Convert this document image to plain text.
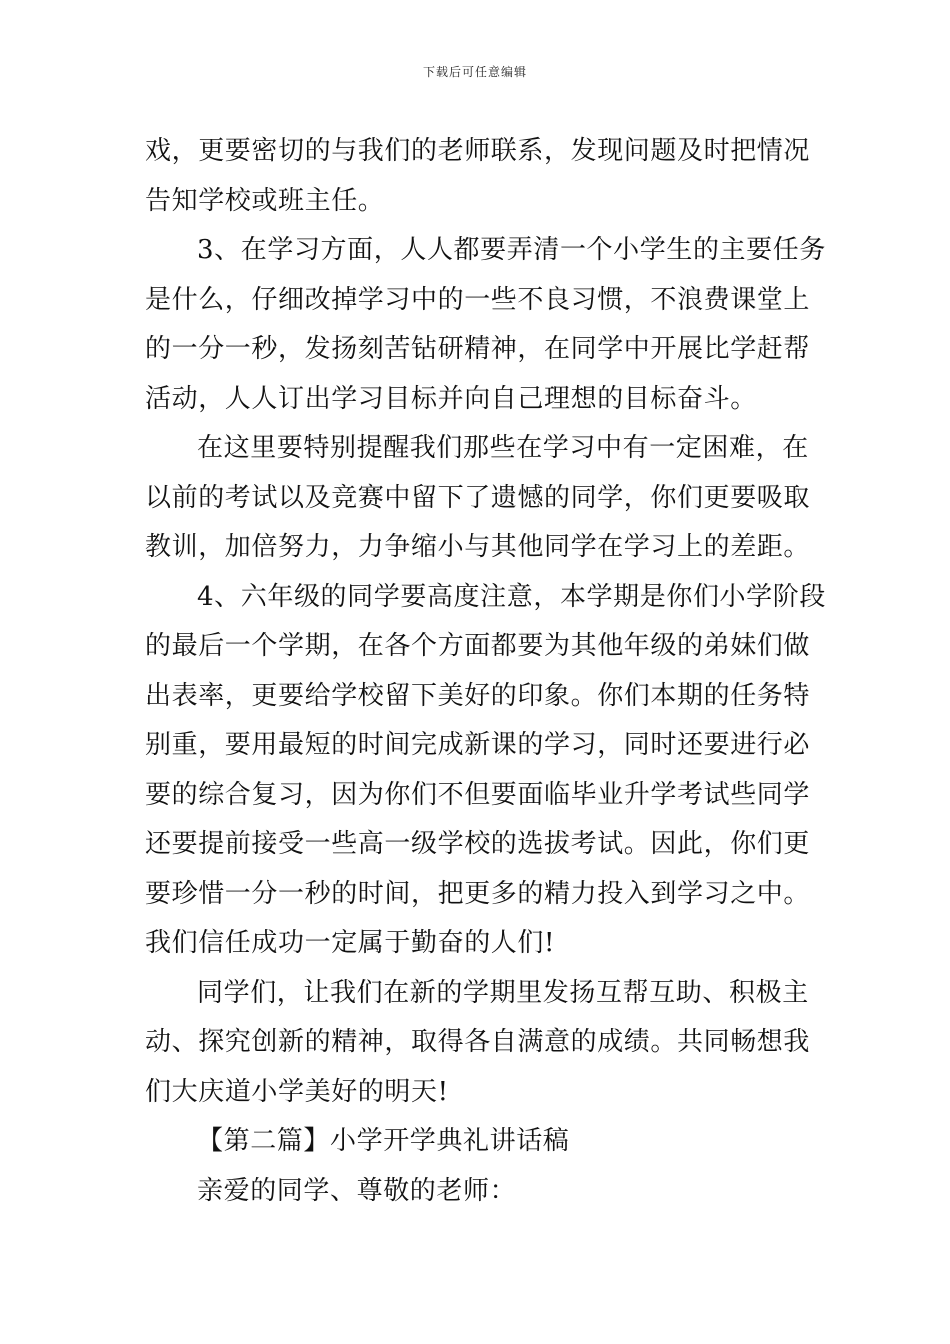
下载后可任意编辑

戏，更要密切的与我们的老师联系，发现问题及时把情况
告知学校或班主任。

3、在学习方面，人人都要弄清一个小学生的主要任务
是什么，仔细改掉学习中的一些不良习惯，不浪费课堂上
的一分一秒，发扬刻苦钻研精神，在同学中开展比学赶帮
活动，人人订出学习目标并向自己理想的目标奋斗。

在这里要特别提醒我们那些在学习中有一定困难，在
以前的考试以及竞赛中留下了遗憾的同学，你们更要吸取
教训，加倍努力，力争缩小与其他同学在学习上的差距。

4、六年级的同学要高度注意，本学期是你们小学阶段
的最后一个学期，在各个方面都要为其他年级的弟妹们做
出表率，更要给学校留下美好的印象。你们本期的任务特
别重，要用最短的时间完成新课的学习，同时还要进行必
要的综合复习，因为你们不但要面临毕业升学考试些同学
还要提前接受一些高一级学校的选拔考试。因此，你们更
要珍惜一分一秒的时间，把更多的精力投入到学习之中。
我们信任成功一定属于勤奋的人们!

同学们，让我们在新的学期里发扬互帮互助、积极主
动、探究创新的精神，取得各自满意的成绩。共同畅想我
们大庆道小学美好的明天!

【第二篇】小学开学典礼讲话稿

亲爱的同学、尊敬的老师：
